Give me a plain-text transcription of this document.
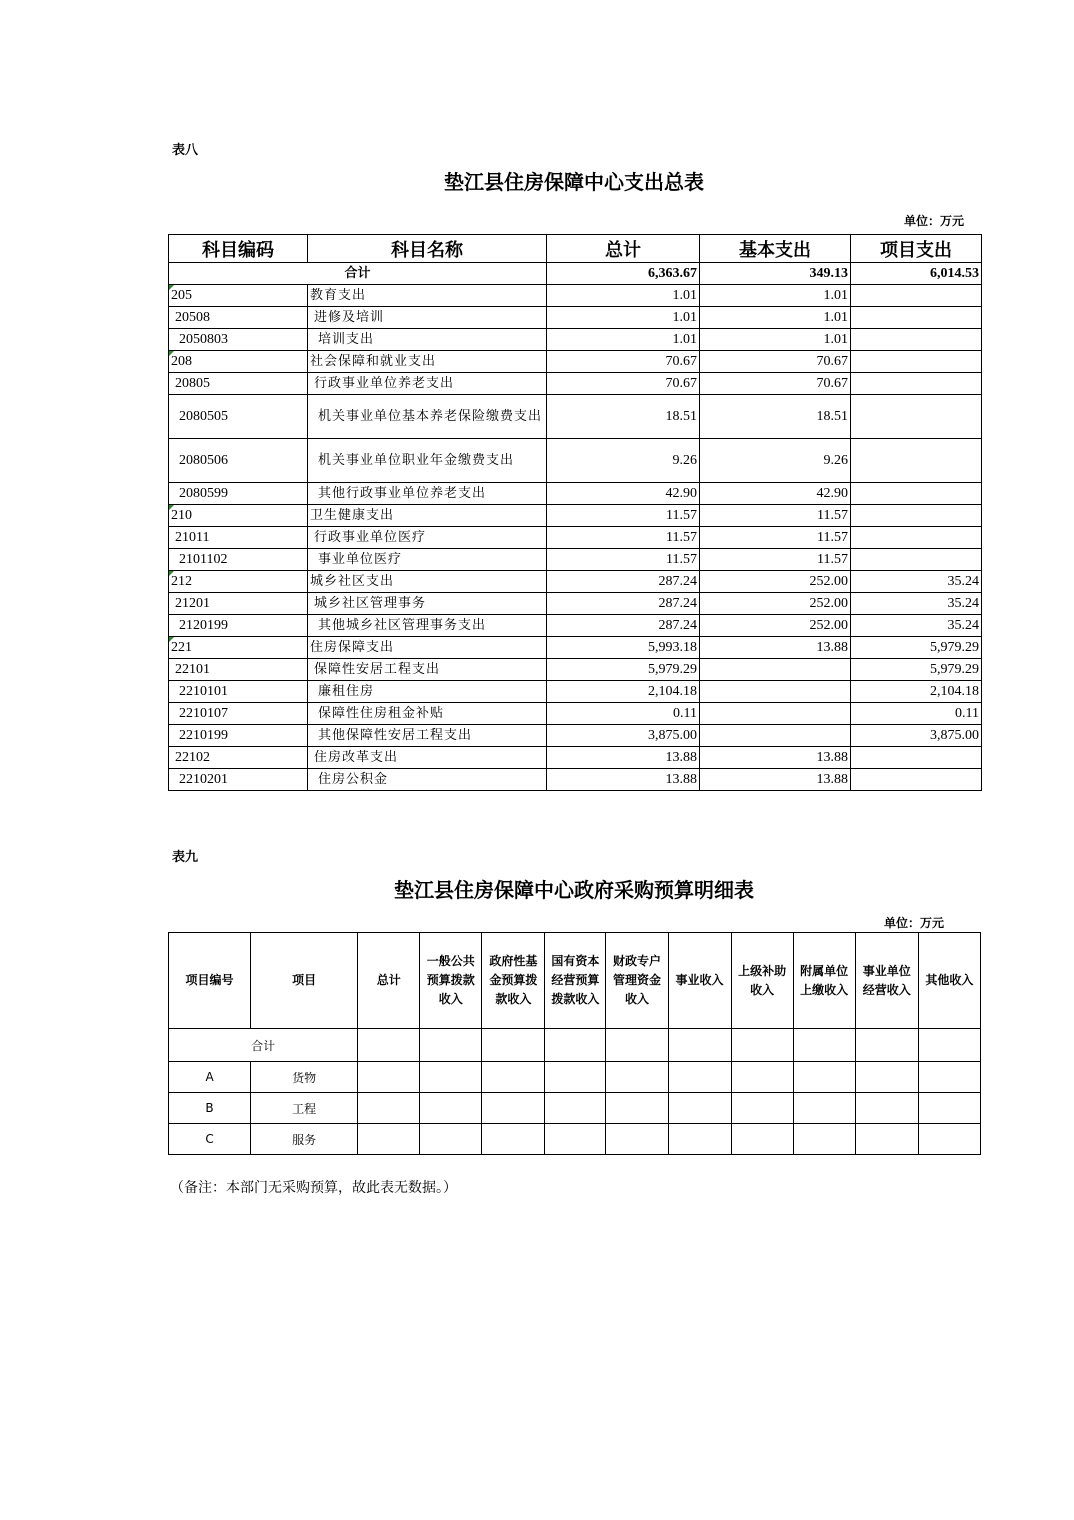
表八
垫江县住房保障中心支出总表
单位：万元
科目编码	科目名称	总计	基本支出	项目支出
合计		6,363.67	349.13	6,014.53
205	教育支出	1.01	1.01	
20508	进修及培训	1.01	1.01	
2050803	培训支出	1.01	1.01	
208	社会保障和就业支出	70.67	70.67	
20805	行政事业单位养老支出	70.67	70.67	
2080505	机关事业单位基本养老保险缴费支出	18.51	18.51	
2080506	机关事业单位职业年金缴费支出	9.26	9.26	
2080599	其他行政事业单位养老支出	42.90	42.90	
210	卫生健康支出	11.57	11.57	
21011	行政事业单位医疗	11.57	11.57	
2101102	事业单位医疗	11.57	11.57	
212	城乡社区支出	287.24	252.00	35.24
21201	城乡社区管理事务	287.24	252.00	35.24
2120199	其他城乡社区管理事务支出	287.24	252.00	35.24
221	住房保障支出	5,993.18	13.88	5,979.29
22101	保障性安居工程支出	5,979.29		5,979.29
2210101	廉租住房	2,104.18		2,104.18
2210107	保障性住房租金补贴	0.11		0.11
2210199	其他保障性安居工程支出	3,875.00		3,875.00
22102	住房改革支出	13.88	13.88	
2210201	住房公积金	13.88	13.88	
表九
垫江县住房保障中心政府采购预算明细表
单位：万元
项目编号	项目	总计	一般公共预算拨款收入	政府性基金预算拨款收入	国有资本经营预算拨款收入	财政专户管理资金收入	事业收入	上级补助收入	附属单位上缴收入	事业单位经营收入	其他收入
合计											
A	货物										
B	工程										
C	服务										
（备注：本部门无采购预算，故此表无数据。）
